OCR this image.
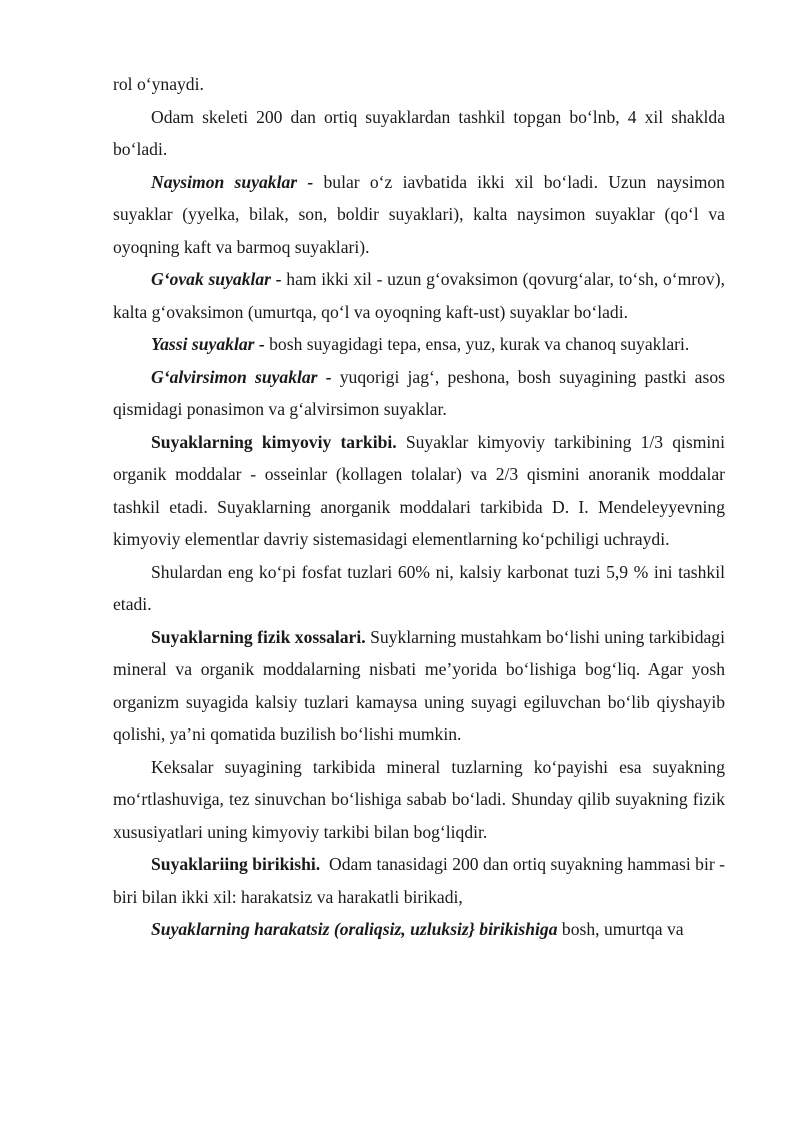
rol o‘ynaydi.

Odam skeleti 200 dan ortiq suyaklardan tashkil topgan bo‘lnb, 4 xil shaklda bo‘ladi.

Naysimon suyaklar - bular o‘z iavbatida ikki xil bo‘ladi. Uzun naysimon suyaklar (yyelka, bilak, son, boldir suyaklari), kalta naysimon suyaklar (qo‘l va oyoqning kaft va barmoq suyaklari).

G‘ovak suyaklar - ham ikki xil - uzun g‘ovaksimon (qovurg‘alar, to‘sh, o‘mrov), kalta g‘ovaksimon (umurtqa, qo‘l va oyoqning kaft-ust) suyaklar bo‘ladi.

Yassi suyaklar - bosh suyagidagi tepa, ensa, yuz, kurak va chanoq suyaklari.

G‘alvirsimon suyaklar - yuqorigi jag‘, peshona, bosh suyagining pastki asos qismidagi ponasimon va g‘alvirsimon suyaklar.

Suyaklarning kimyoviy tarkibi. Suyaklar kimyoviy tarkibining 1/3 qismini organik moddalar - osseinlar (kollagen tolalar) va 2/3 qismini anoranik moddalar tashkil etadi. Suyaklarning anorganik moddalari tarkibida D. I. Mendeleyyevning kimyoviy elementlar davriy sistemasidagi elementlarning ko‘pchiligi uchraydi.

Shulardan eng ko‘pi fosfat tuzlari 60% ni, kalsiy karbonat tuzi 5,9 % ini tashkil etadi.

Suyaklarning fizik xossalari. Suyklarning mustahkam bo‘lishi uning tarkibidagi mineral va organik moddalarning nisbati me’yorida bo‘lishiga bog‘liq. Agar yosh organizm suyagida kalsiy tuzlari kamaysa uning suyagi egiluvchan bo‘lib qiyshayib qolishi, ya’ni qomatida buzilish bo‘lishi mumkin.

Keksalar suyagining tarkibida mineral tuzlarning ko‘payishi esa suyakning mo‘rtlashuviga, tez sinuvchan bo‘lishiga sabab bo‘ladi. Shunday qilib suyakning fizik xususiyatlari uning kimyoviy tarkibi bilan bog‘liqdir.

Suyaklariing birikishi.  Odam tanasidagi 200 dan ortiq suyakning hammasi bir - biri bilan ikki xil: harakatsiz va harakatli birikadi,

Suyaklarning harakatsiz (oraliqsiz, uzluksiz} birikishiga bosh, umurtqa va
